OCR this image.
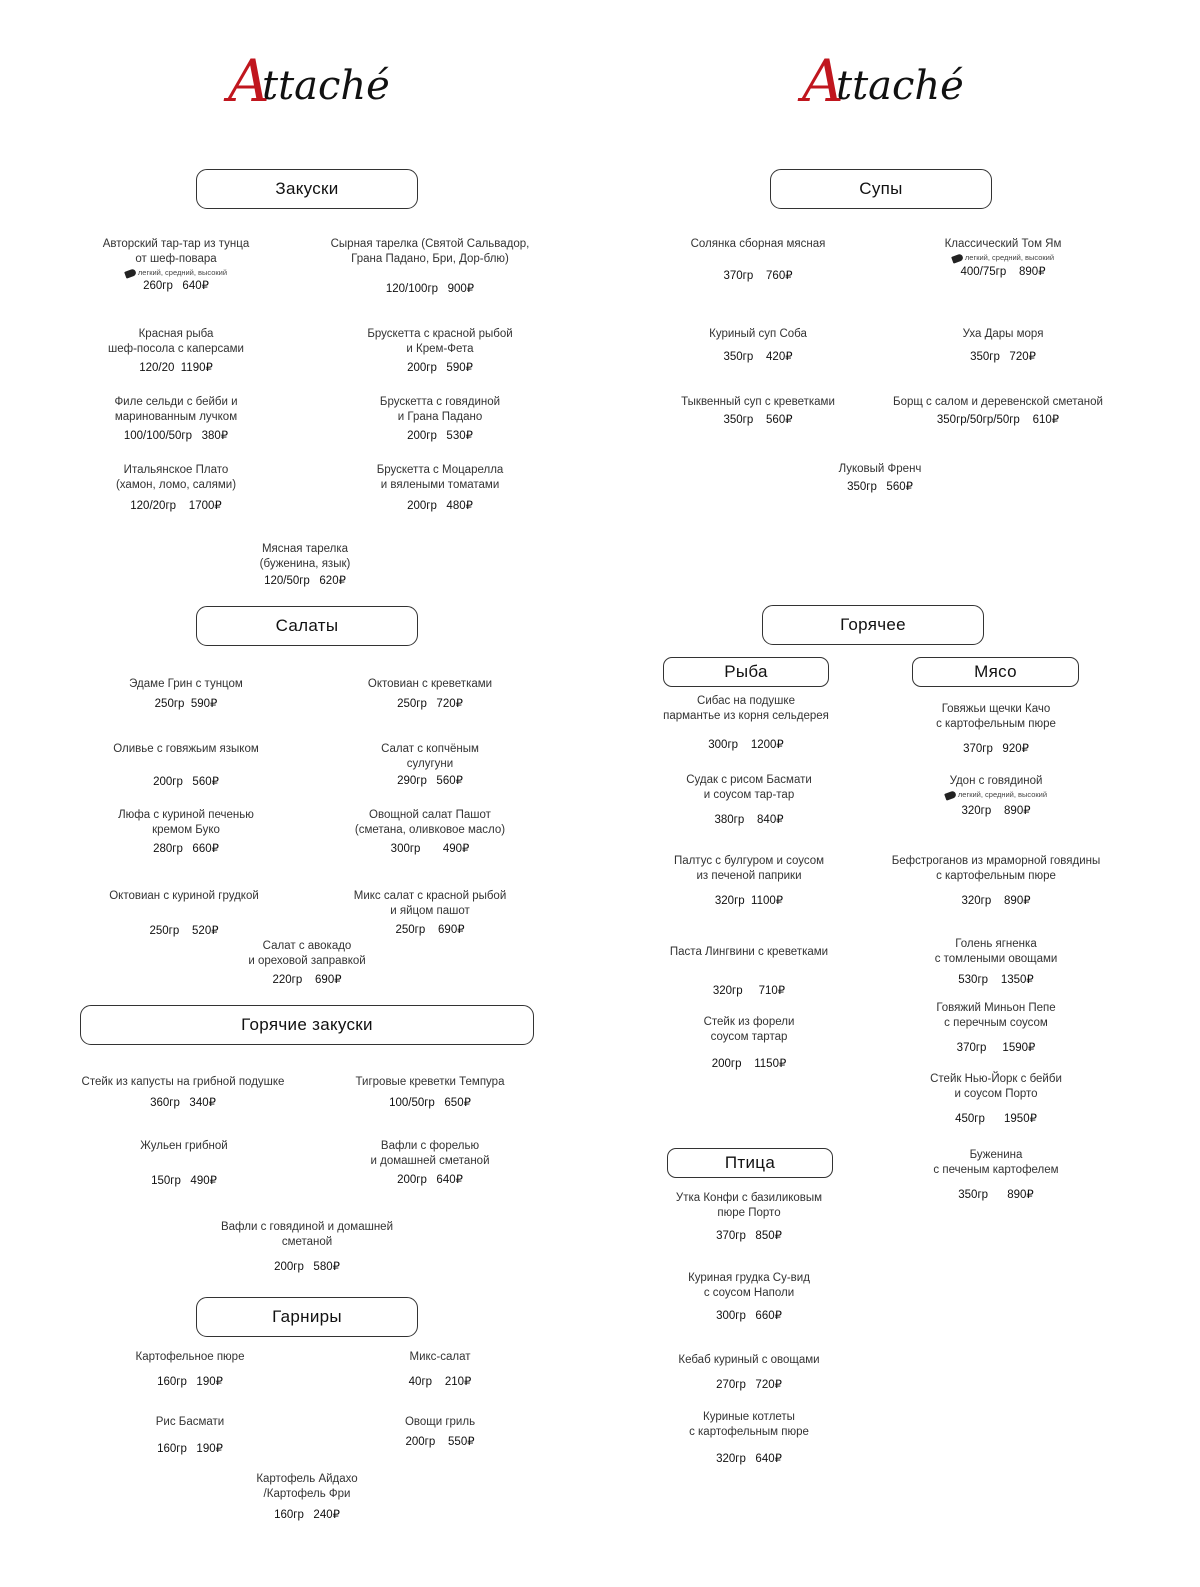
A
ttaché	A
ttaché
Закуски
Авторский тар-тар из тунца
от шеф-повара
легкий, средний, высокий
260гр   640₽
Сырная тарелка (Святой Сальвадор,
Грана Падано, Бри, Дор-блю)
120/100гр   900₽
Красная рыба
шеф-посола с каперсами
120/20  1190₽
Брускетта с красной рыбой
и Крем-Фета
200гр   590₽
Филе сельди с бейби и
маринованным лучком
100/100/50гр   380₽
Брускетта с говядиной
и Грана Падано
200гр   530₽
Итальянское Плато
(хамон, ломо, салями)
120/20гр    1700₽
Брускетта с Моцарелла
и вялеными томатами
200гр   480₽
Мясная тарелка
(буженина, язык)
120/50гр   620₽
Салаты
Эдаме Грин с тунцом
250гр  590₽
Октовиан с креветками
250гр   720₽
Оливье с говяжьим языком
200гр   560₽
Салат с копчёным
сулугуни
290гр   560₽
Люфа с куриной печенью
кремом Буко
280гр   660₽
Овощной салат Пашот
(сметана, оливковое масло)
300гр       490₽
Октовиан с куриной грудкой
250гр    520₽
Микс салат с красной рыбой
и яйцом пашот
250гр    690₽
Салат с авокадо
и ореховой заправкой
220гр    690₽
Горячие закуски
Стейк из капусты на грибной подушке
360гр   340₽
Тигровые креветки Темпура
100/50гр   650₽
Жульен грибной
150гр   490₽
Вафли с форелью
и домашней сметаной
200гр   640₽
Вафли с говядиной и домашней
сметаной
200гр   580₽
Гарниры
Картофельное пюре
160гр   190₽
Микс-салат
40гр    210₽
Рис Басмати
160гр   190₽
Овощи гриль
200гр    550₽
Картофель Айдахо
/Картофель Фри
160гр   240₽
Супы
Солянка сборная мясная
370гр    760₽
Классический Том Ям
легкий, средний, высокий
400/75гр    890₽
Куриный суп Соба
350гр    420₽
Уха Дары моря
350гр   720₽
Тыквенный суп с креветками
350гр    560₽
Борщ с салом и деревенской сметаной
350гр/50гр/50гр    610₽
Луковый Френч
350гр   560₽
Горячее
Рыба	Мясо
Сибас на подушке
пармантье из корня сельдерея
300гр    1200₽
Судак с рисом Басмати
и соусом тар-тар
380гр    840₽
Палтус с булгуром и соусом
из печеной паприки
320гр  1100₽
Паста Лингвини с креветками
320гр     710₽
Стейк из форели
соусом тартар
200гр    1150₽
Говяжьи щечки Качо
с картофельным пюре
370гр   920₽
Удон с говядиной
легкий, средний, высокий
320гр    890₽
Бефстроганов из мраморной говядины
с картофельным пюре
320гр    890₽
Голень ягненка
с томлеными овощами
530гр    1350₽
Говяжий Миньон Пепе
с перечным соусом
370гр     1590₽
Стейк Нью-Йорк с бейби
и соусом Порто
450гр      1950₽
Буженина
с печеным картофелем
350гр      890₽
Птица
Утка Конфи с базиликовым
пюре Порто
370гр   850₽
Куриная грудка Су-вид
с соусом Наполи
300гр   660₽
Кебаб куриный с овощами
270гр   720₽
Куриные котлеты
с картофельным пюре
320гр   640₽
